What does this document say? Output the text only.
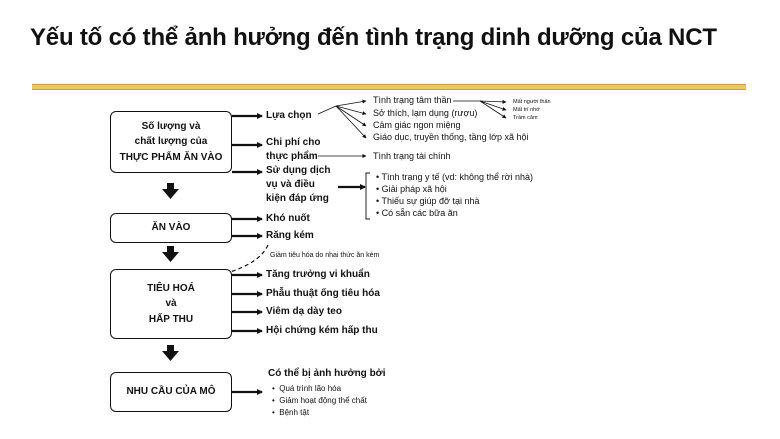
Yếu tố có thể ảnh hưởng đến tình trạng dinh dưỡng của NCT
Số lượng và
chất lượng của
THỰC PHẨM ĂN VÀO
ĂN VÀO
TIÊU HOÁ
và
HẤP THU
NHU CẦU CỦA MÔ
Lựa chọn
Chi phí cho
thực phẩm
Sử dụng dịch
vụ và điều
kiện đáp ứng
Tình trạng tâm thần
Sở thích, lạm dụng (rượu)
Cảm giác ngon miệng
Giáo dục, truyền thống, tầng lớp xã hội
Mất người thân
Mất trí nhớ
Trầm cảm
Tình trạng tài chính
• Tình trạng y tế (vd: không thể rời nhà)
• Giải pháp xã hội
• Thiếu sự giúp đỡ tại nhà
• Có sẵn các bữa ăn
Khó nuốt
Răng kém
Giảm tiêu hóa do nhai thức ăn kém
Tăng trưởng vi khuẩn
Phẫu thuật ống tiêu hóa
Viêm dạ dày teo
Hội chứng kém hấp thu
Có thể bị ảnh hưởng bởi
•  Quá trình lão hóa
•  Giảm hoạt động thể chất
•  Bệnh tật
